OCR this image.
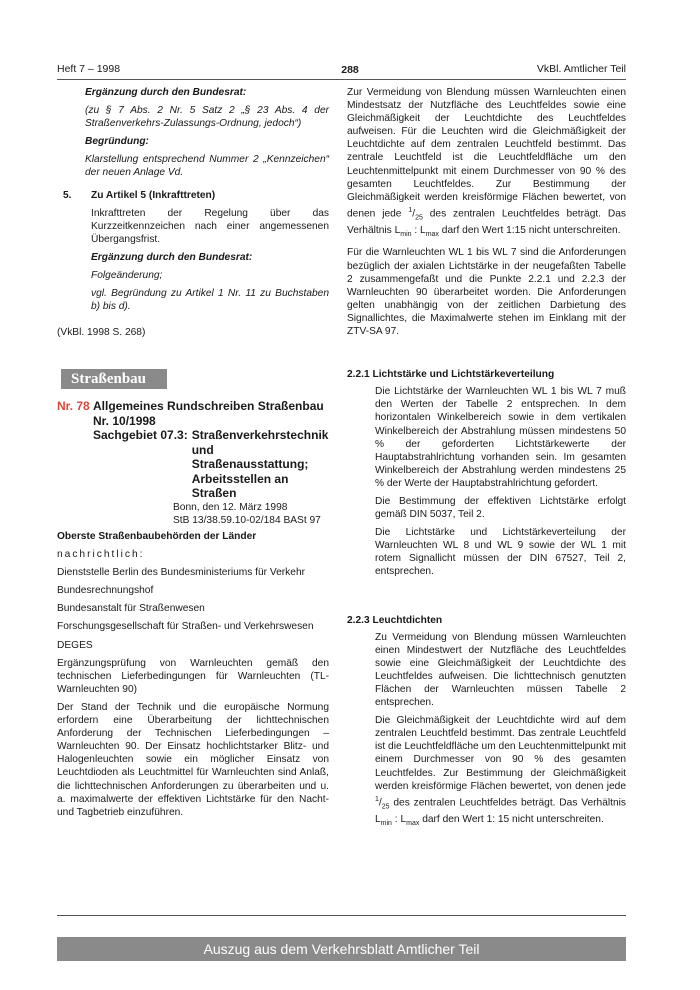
Heft 7 – 1998	288	VkBl. Amtlicher Teil

Ergänzung durch den Bundesrat:

(zu § 7 Abs. 2 Nr. 5 Satz 2 „§ 23 Abs. 4 der Straßenverkehrs-Zulassungs-Ordnung, jedoch“)

Begründung:

Klarstellung entsprechend Nummer 2 „Kennzeichen“ der neuen Anlage Vd.

5.	Zu Artikel 5 (Inkrafttreten)

Inkrafttreten der Regelung über das Kurzzeitkennzeichen nach einer angemessenen Übergangsfrist.

Ergänzung durch den Bundesrat:

Folgeänderung;

vgl. Begründung zu Artikel 1 Nr. 11 zu Buchstaben b) bis d).

(VkBl. 1998 S. 268)

Straßenbau
Nr. 78 Allgemeines Rundschreiben Straßenbau Nr. 10/1998
Sachgebiet 07.3: Straßenverkehrstechnik und Straßenausstattung; Arbeitsstellen an Straßen
Bonn, den 12. März 1998
StB 13/38.59.10-02/184 BASt 97

Oberste Straßenbaubehörden der Länder

nachrichtlich:

Dienststelle Berlin des Bundesministeriums für Verkehr

Bundesrechnungshof

Bundesanstalt für Straßenwesen

Forschungsgesellschaft für Straßen- und Verkehrswesen

DEGES

Ergänzungsprüfung von Warnleuchten gemäß den technischen Lieferbedingungen für Warnleuchten (TL-Warnleuchten 90)

Der Stand der Technik und die europäische Normung erfordern eine Überarbeitung der lichttechnischen Anforderung der Technischen Lieferbedingungen – Warnleuchten 90. Der Einsatz hochlichtstarker Blitz- und Halogenleuchten sowie ein möglicher Einsatz von Leuchtdioden als Leuchtmittel für Warnleuchten sind Anlaß, die lichttechnischen Anforderungen zu überarbeiten und u. a. maximalwerte der effektiven Lichtstärke für den Nacht- und Tagbetrieb einzuführen.

Zur Vermeidung von Blendung müssen Warnleuchten einen Mindestsatz der Nutzfläche des Leuchtfeldes sowie eine Gleichmäßigkeit der Leuchtdichte des Leuchtfeldes aufweisen. Für die Leuchten wird die Gleichmäßigkeit der Leuchtdichte auf dem zentralen Leuchtfeld bestimmt. Das zentrale Leuchtfeld ist die Leuchtfeldfläche um den Leuchtenmittelpunkt mit einem Durchmesser von 90 % des gesamten Leuchtfeldes. Zur Bestimmung der Gleichmäßigkeit werden kreisförmige Flächen bewertet, von denen jede $^1/_{25}$ des zentralen Leuchtfeldes beträgt. Das Verhältnis $L_{min}$ : $L_{max}$ darf den Wert 1:15 nicht unterschreiten.

Für die Warnleuchten WL 1 bis WL 7 sind die Anforderungen bezüglich der axialen Lichtstärke in der neugefaßten Tabelle 2 zusammengefaßt und die Punkte 2.2.1 und 2.2.3 der Warnleuchten 90 überarbeitet worden. Die Anforderungen gelten unabhängig von der zeitlichen Darbietung des Signallichtes, die Maximalwerte stehen im Einklang mit der ZTV-SA 97.

2.2.1 Lichtstärke und Lichtstärkeverteilung

Die Lichtstärke der Warnleuchten WL 1 bis WL 7 muß den Werten der Tabelle 2 entsprechen. In dem horizontalen Winkelbereich sowie in dem vertikalen Winkelbereich der Abstrahlung müssen mindestens 50 % der geforderten Lichtstärkewerte der Hauptabstrahlrichtung vorhanden sein. Im gesamten Winkelbereich der Abstrahlung werden mindestens 25 % der Werte der Hauptabstrahlrichtung gefordert.

Die Bestimmung der effektiven Lichtstärke erfolgt gemäß DIN 5037, Teil 2.

Die Lichtstärke und Lichtstärkeverteilung der Warnleuchten WL 8 und WL 9 sowie der WL 1 mit rotem Signallicht müssen der DIN 67527, Teil 2, entsprechen.

2.2.3 Leuchtdichten

Zu Vermeidung von Blendung müssen Warnleuchten einen Mindestwert der Nutzfläche des Leuchtfeldes sowie eine Gleichmäßigkeit der Leuchtdichte des Leuchtfeldes aufweisen. Die lichttechnisch genutzten Flächen der Warnleuchten müssen Tabelle 2 entsprechen.

Die Gleichmäßigkeit der Leuchtdichte wird auf dem zentralen Leuchtfeld bestimmt. Das zentrale Leuchtfeld ist die Leuchtfeldfläche um den Leuchtenmittelpunkt mit einem Durchmesser von 90 % des gesamten Leuchtfeldes. Zur Bestimmung der Gleichmäßigkeit werden kreisförmige Flächen bewertet, von denen jede $^1/_{25}$ des zentralen Leuchtfeldes beträgt. Das Verhältnis $L_{min}$ : $L_{max}$ darf den Wert 1: 15 nicht unterschreiten.

Auszug aus dem Verkehrsblatt Amtlicher Teil
